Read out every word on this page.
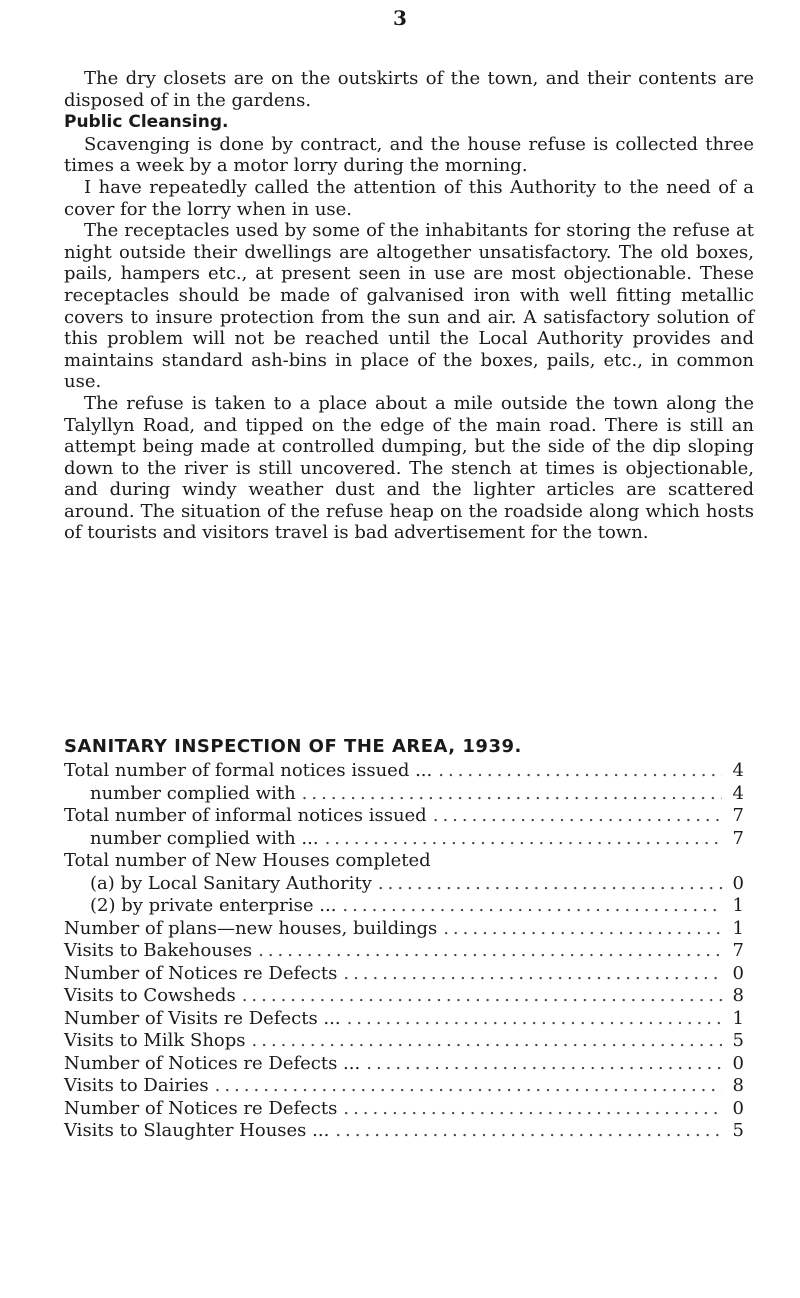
3

The dry closets are on the outskirts of the town, and their contents are disposed of in the gardens.

Public Cleansing.

Scavenging is done by contract, and the house refuse is collected three times a week by a motor lorry during the morning.

I have repeatedly called the attention of this Authority to the need of a cover for the lorry when in use.

The receptacles used by some of the inhabitants for storing the refuse at night outside their dwellings are altogether unsatisfactory. The old boxes, pails, hampers etc., at present seen in use are most objectionable. These receptacles should be made of galvanised iron with well fitting metallic covers to insure protection from the sun and air. A satisfactory solution of this problem will not be reached until the Local Authority provides and maintains standard ash-bins in place of the boxes, pails, etc., in common use.

The refuse is taken to a place about a mile outside the town along the Talyllyn Road, and tipped on the edge of the main road. There is still an attempt being made at controlled dumping, but the side of the dip sloping down to the river is still uncovered. The stench at times is objectionable, and during windy weather dust and the lighter articles are scattered around. The situation of the refuse heap on the roadside along which hosts of tourists and visitors travel is bad advertisement for the town.

SANITARY INSPECTION OF THE AREA, 1939.
Total number of formal notices issued ... .....	4
number complied with .....	4
Total number of informal notices issued .....	7
number complied with ... .....	7
Total number of New Houses completed
(a) by Local Sanitary Authority .....	0
(2) by private enterprise ... .....	1
Number of plans—new houses, buildings .....	1
Visits to Bakehouses .....	7
Number of Notices re Defects .....	0
Visits to Cowsheds .....	8
Number of Visits re Defects ... .....	1
Visits to Milk Shops .....	5
Number of Notices re Defects ... .....	0
Visits to Dairies .....	8
Number of Notices re Defects .....	0
Visits to Slaughter Houses ... .....	5
